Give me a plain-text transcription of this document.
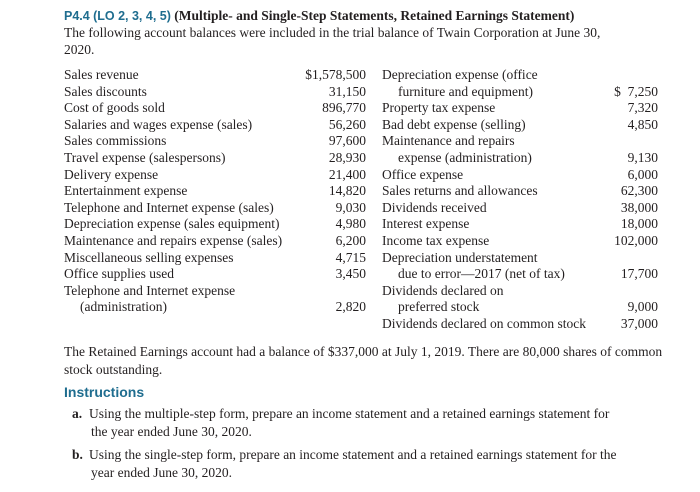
P4.4 (LO 2, 3, 4, 5) (Multiple- and Single-Step Statements, Retained Earnings Statement)
The following account balances were included in the trial balance of Twain Corporation at June 30,
2020.
Sales revenue
Sales discounts
Cost of goods sold
Salaries and wages expense (sales)
Sales commissions
Travel expense (salespersons)
Delivery expense
Entertainment expense
Telephone and Internet expense (sales)
Depreciation expense (sales equipment)
Maintenance and repairs expense (sales)
Miscellaneous selling expenses
Office supplies used
Telephone and Internet expense
(administration)
$1,578,500
31,150
896,770
56,260
97,600
28,930
21,400
14,820
9,030
4,980
6,200
4,715
3,450
2,820
Depreciation expense (office
furniture and equipment)
Property tax expense
Bad debt expense (selling)
Maintenance and repairs
expense (administration)
Office expense
Sales returns and allowances
Dividends received
Interest expense
Income tax expense
Depreciation understatement
due to error—2017 (net of tax)
Dividends declared on
preferred stock
Dividends declared on common stock
$  7,250
7,320
4,850
9,130
6,000
62,300
38,000
18,000
102,000
17,700
9,000
37,000
The Retained Earnings account had a balance of $337,000 at July 1, 2019. There are 80,000 shares of common stock outstanding.
Instructions
a. Using the multiple-step form, prepare an income statement and a retained earnings statement for
the year ended June 30, 2020.
b. Using the single-step form, prepare an income statement and a retained earnings statement for the
year ended June 30, 2020.
